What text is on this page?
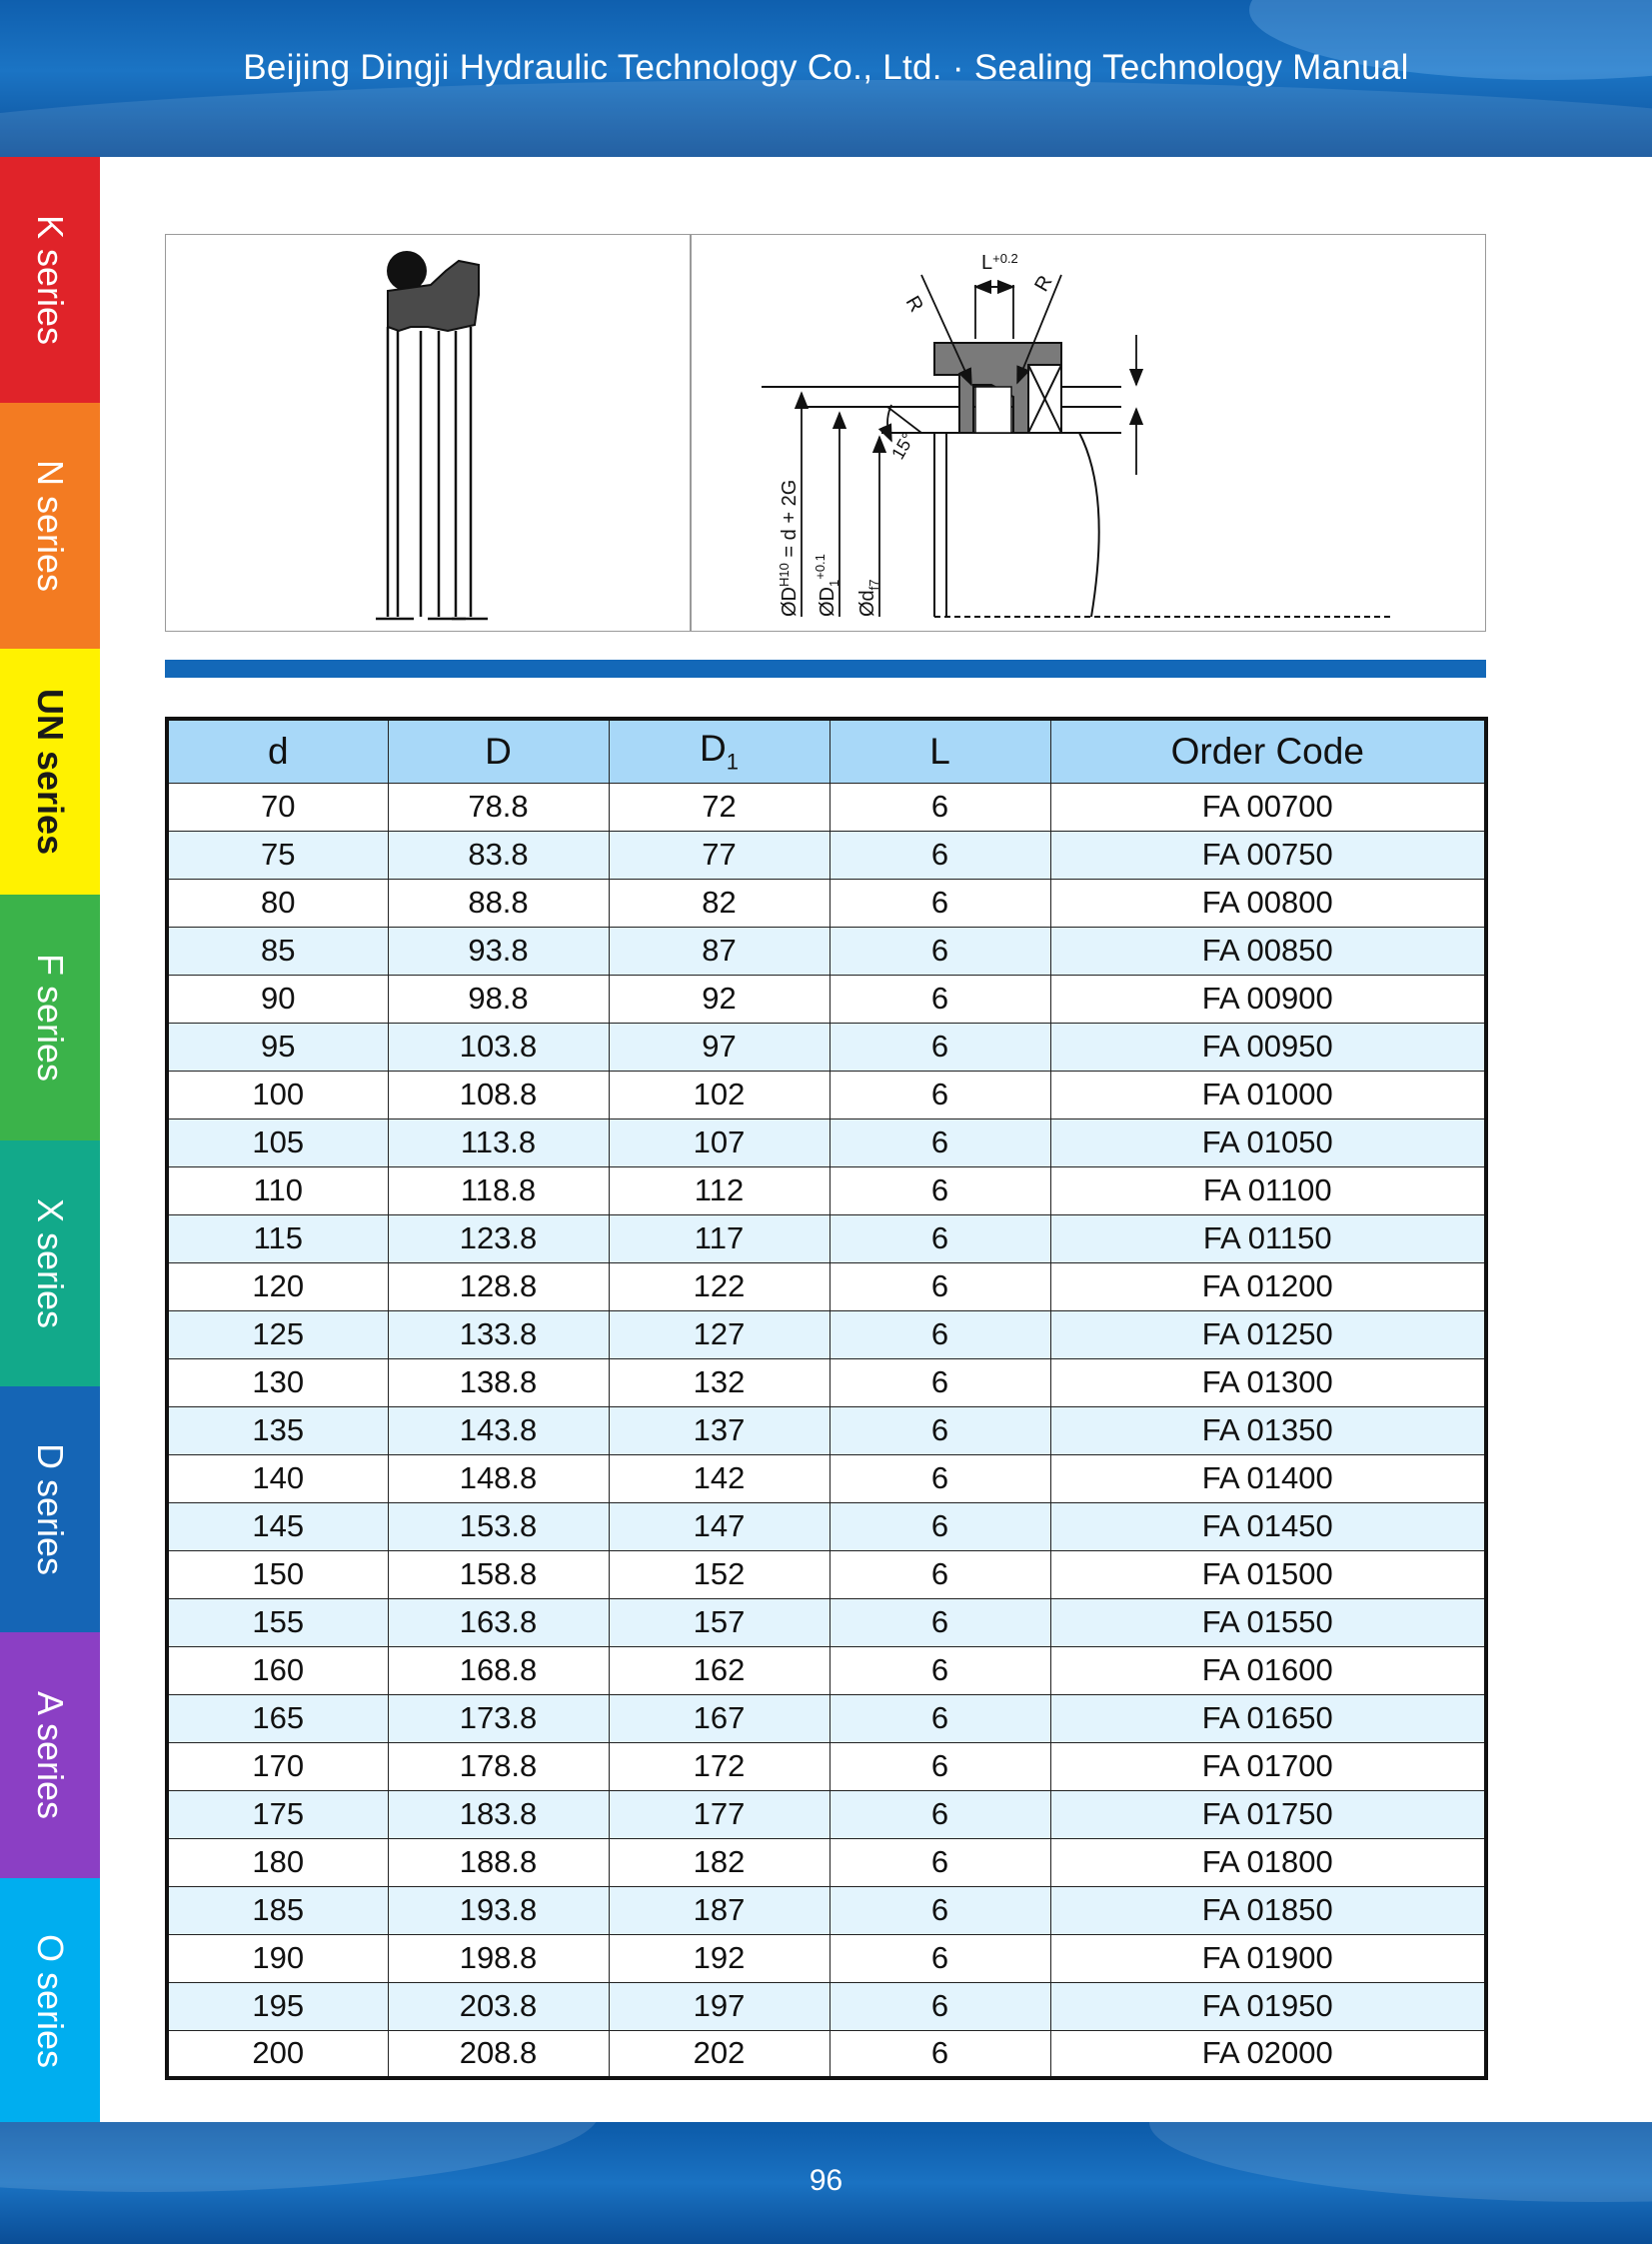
Beijing Dingji Hydraulic Technology Co., Ltd. · Sealing Technology Manual
K series
N series
UN series
F series
X series
D series
A series
O series
$L^{+0.2}$
R
R
15°
$ØD^{H10} = d + 2G$
$ØD_1^{+0.1}$
$Ød_{f7}$
d	D	$D_1$	L	Order Code
70	78.8	72	6	FA 00700
75	83.8	77	6	FA 00750
80	88.8	82	6	FA 00800
85	93.8	87	6	FA 00850
90	98.8	92	6	FA 00900
95	103.8	97	6	FA 00950
100	108.8	102	6	FA 01000
105	113.8	107	6	FA 01050
110	118.8	112	6	FA 01100
115	123.8	117	6	FA 01150
120	128.8	122	6	FA 01200
125	133.8	127	6	FA 01250
130	138.8	132	6	FA 01300
135	143.8	137	6	FA 01350
140	148.8	142	6	FA 01400
145	153.8	147	6	FA 01450
150	158.8	152	6	FA 01500
155	163.8	157	6	FA 01550
160	168.8	162	6	FA 01600
165	173.8	167	6	FA 01650
170	178.8	172	6	FA 01700
175	183.8	177	6	FA 01750
180	188.8	182	6	FA 01800
185	193.8	187	6	FA 01850
190	198.8	192	6	FA 01900
195	203.8	197	6	FA 01950
200	208.8	202	6	FA 02000
96
